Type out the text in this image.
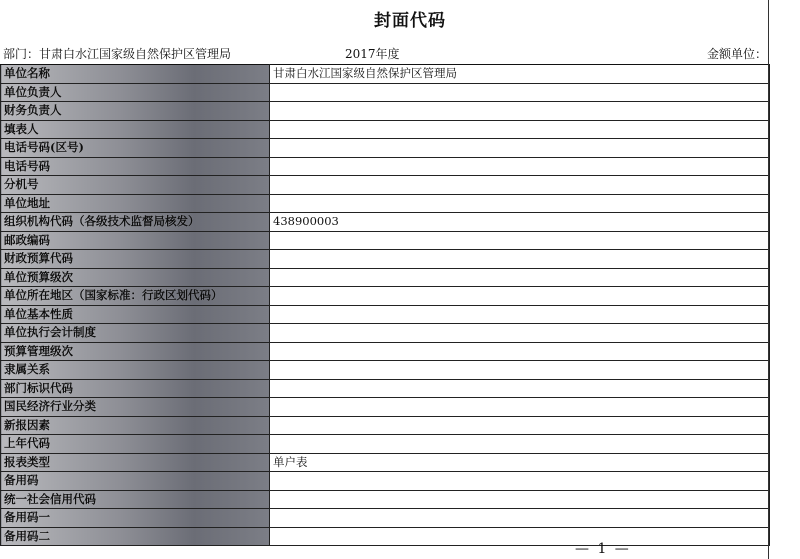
封面代码
部门：甘肃白水江国家级自然保护区管理局	2017年度	金额单位：
单位名称	甘肃白水江国家级自然保护区管理局
单位负责人	
财务负责人	
填表人	
电话号码(区号)	
电话号码	
分机号	
单位地址	
组织机构代码（各级技术监督局核发）	438900003
邮政编码	
财政预算代码	
单位预算级次	
单位所在地区（国家标准：行政区划代码）	
单位基本性质	
单位执行会计制度	
预算管理级次	
隶属关系	
部门标识代码	
国民经济行业分类	
新报因素	
上年代码	
报表类型	单户表
备用码	
统一社会信用代码	
备用码一	
备用码二	
— 1 —
